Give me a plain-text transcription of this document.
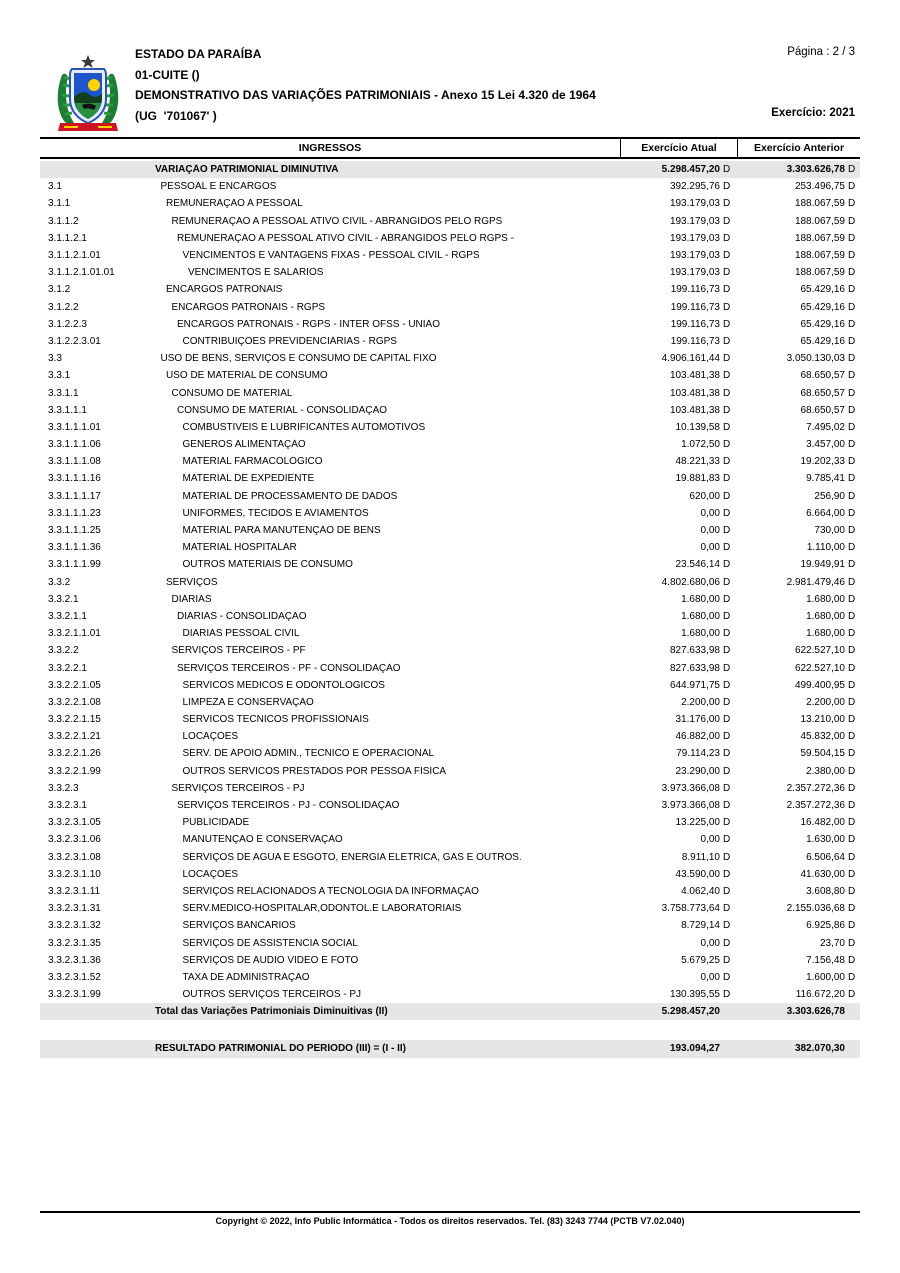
ESTADO DA PARAÍBA
01-CUITE ()
DEMONSTRATIVO DAS VARIAÇÕES PATRIMONIAIS - Anexo 15 Lei 4.320 de 1964
(UG  '701067' )
Página : 2 / 3
Exercício: 2021
INGRESSOS	Exercício Atual	Exercício Anterior
VARIAÇÃO PATRIMONIAL DIMINUTIVA	5.298.457,20 D	3.303.626,78 D
3.1	PESSOAL E ENCARGOS	392.295,76 D	253.496,75 D
3.1.1	REMUNERAÇÃO A PESSOAL	193.179,03 D	188.067,59 D
3.1.1.2	REMUNERAÇÃO A PESSOAL ATIVO CIVIL - ABRANGIDOS PELO RGPS	193.179,03 D	188.067,59 D
3.1.1.2.1	REMUNERAÇÃO A PESSOAL ATIVO CIVIL - ABRANGIDOS PELO RGPS -	193.179,03 D	188.067,59 D
3.1.1.2.1.01	VENCIMENTOS E VANTAGENS FIXAS - PESSOAL CIVIL - RGPS	193.179,03 D	188.067,59 D
3.1.1.2.1.01.01	VENCIMENTOS E SALARIOS	193.179,03 D	188.067,59 D
3.1.2	ENCARGOS PATRONAIS	199.116,73 D	65.429,16 D
3.1.2.2	ENCARGOS PATRONAIS - RGPS	199.116,73 D	65.429,16 D
3.1.2.2.3	ENCARGOS PATRONAIS - RGPS - INTER OFSS - UNIÃO	199.116,73 D	65.429,16 D
3.1.2.2.3.01	CONTRIBUIÇÕES PREVIDENCIÁRIAS - RGPS	199.116,73 D	65.429,16 D
3.3	USO DE BENS, SERVIÇOS E CONSUMO DE CAPITAL FIXO	4.906.161,44 D	3.050.130,03 D
3.3.1	USO DE MATERIAL DE CONSUMO	103.481,38 D	68.650,57 D
3.3.1.1	CONSUMO DE MATERIAL	103.481,38 D	68.650,57 D
3.3.1.1.1	CONSUMO DE MATERIAL - CONSOLIDAÇÃO	103.481,38 D	68.650,57 D
3.3.1.1.1.01	COMBUSTIVEIS E LUBRIFICANTES AUTOMOTIVOS	10.139,58 D	7.495,02 D
3.3.1.1.1.06	GENEROS ALIMENTAÇÃO	1.072,50 D	3.457,00 D
3.3.1.1.1.08	MATERIAL FARMACOLÓGICO	48.221,33 D	19.202,33 D
3.3.1.1.1.16	MATERIAL DE EXPEDIENTE	19.881,83 D	9.785,41 D
3.3.1.1.1.17	MATERIAL DE PROCESSAMENTO DE DADOS	620,00 D	256,90 D
3.3.1.1.1.23	UNIFORMES, TECIDOS E AVIAMENTOS	0,00 D	6.664,00 D
3.3.1.1.1.25	MATERIAL PARA MANUTENÇÃO DE BENS	0,00 D	730,00 D
3.3.1.1.1.36	MATERIAL HOSPITALAR	0,00 D	1.110,00 D
3.3.1.1.1.99	OUTROS MATERIAIS DE CONSUMO	23.546,14 D	19.949,91 D
3.3.2	SERVIÇOS	4.802.680,06 D	2.981.479,46 D
3.3.2.1	DIÁRIAS	1.680,00 D	1.680,00 D
3.3.2.1.1	DIÁRIAS - CONSOLIDAÇÃO	1.680,00 D	1.680,00 D
3.3.2.1.1.01	DIARIAS PESSOAL CIVIL	1.680,00 D	1.680,00 D
3.3.2.2	SERVIÇOS TERCEIROS - PF	827.633,98 D	622.527,10 D
3.3.2.2.1	SERVIÇOS TERCEIROS - PF - CONSOLIDAÇÃO	827.633,98 D	622.527,10 D
3.3.2.2.1.05	SERVICOS MEDICOS E ODONTOLOGICOS	644.971,75 D	499.400,95 D
3.3.2.2.1.08	LIMPEZA E CONSERVAÇÃO	2.200,00 D	2.200,00 D
3.3.2.2.1.15	SERVICOS TECNICOS PROFISSIONAIS	31.176,00 D	13.210,00 D
3.3.2.2.1.21	LOCAÇÕES	46.882,00 D	45.832,00 D
3.3.2.2.1.26	SERV. DE APOIO ADMIN., TECNICO E OPERACIONAL	79.114,23 D	59.504,15 D
3.3.2.2.1.99	OUTROS SERVICOS PRESTADOS POR PESSOA FISICA	23.290,00 D	2.380,00 D
3.3.2.3	SERVIÇOS TERCEIROS - PJ	3.973.366,08 D	2.357.272,36 D
3.3.2.3.1	SERVIÇOS TERCEIROS - PJ - CONSOLIDAÇÃO	3.973.366,08 D	2.357.272,36 D
3.3.2.3.1.05	PUBLICIDADE	13.225,00 D	16.482,00 D
3.3.2.3.1.06	MANUTENÇÃO E CONSERVAÇÃO	0,00 D	1.630,00 D
3.3.2.3.1.08	SERVIÇOS DE AGUA E ESGOTO, ENERGIA ELETRICA, GAS E OUTROS.	8.911,10 D	6.506,64 D
3.3.2.3.1.10	LOCAÇÕES	43.590,00 D	41.630,00 D
3.3.2.3.1.11	SERVIÇOS RELACIONADOS A TECNOLOGIA DA INFORMAÇÃO	4.062,40 D	3.608,80 D
3.3.2.3.1.31	SERV.MEDICO-HOSPITALAR,ODONTOL.E LABORATORIAIS	3.758.773,64 D	2.155.036,68 D
3.3.2.3.1.32	SERVIÇOS BANCARIOS	8.729,14 D	6.925,86 D
3.3.2.3.1.35	SERVIÇOS DE ASSISTENCIA SOCIAL	0,00 D	23,70 D
3.3.2.3.1.36	SERVIÇOS DE AUDIO VIDEO E FOTO	5.679,25 D	7.156,48 D
3.3.2.3.1.52	TAXA DE ADMINISTRAÇÃO	0,00 D	1.600,00 D
3.3.2.3.1.99	OUTROS SERVIÇOS TERCEIROS - PJ	130.395,55 D	116.672,20 D
Total das Variações Patrimoniais Diminuitivas (II)	5.298.457,20	3.303.626,78
RESULTADO PATRIMONIAL DO PERÍODO (III) = (I - II)	193.094,27	382.070,30
Copyright © 2022, Info Public Informática - Todos os direitos reservados. Tel. (83) 3243 7744 (PCTB V7.02.040)
